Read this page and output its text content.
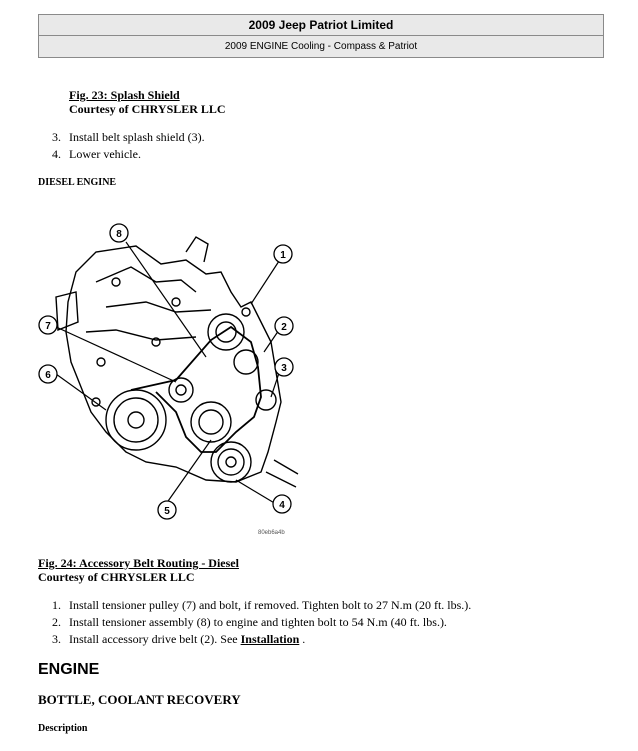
2009 Jeep Patriot Limited
2009 ENGINE Cooling - Compass & Patriot
Fig. 23: Splash Shield
Courtesy of CHRYSLER LLC
3. Install belt splash shield (3).
4. Lower vehicle.
DIESEL ENGINE
1
2
3
4
5
6
7
8
80eb6a4b
Fig. 24: Accessory Belt Routing - Diesel
Courtesy of CHRYSLER LLC
1. Install tensioner pulley (7) and bolt, if removed. Tighten bolt to 27 N.m (20 ft. lbs.).
2. Install tensioner assembly (8) to engine and tighten bolt to 54 N.m (40 ft. lbs.).
3. Install accessory drive belt (2). See Installation .
ENGINE
BOTTLE, COOLANT RECOVERY
Description
